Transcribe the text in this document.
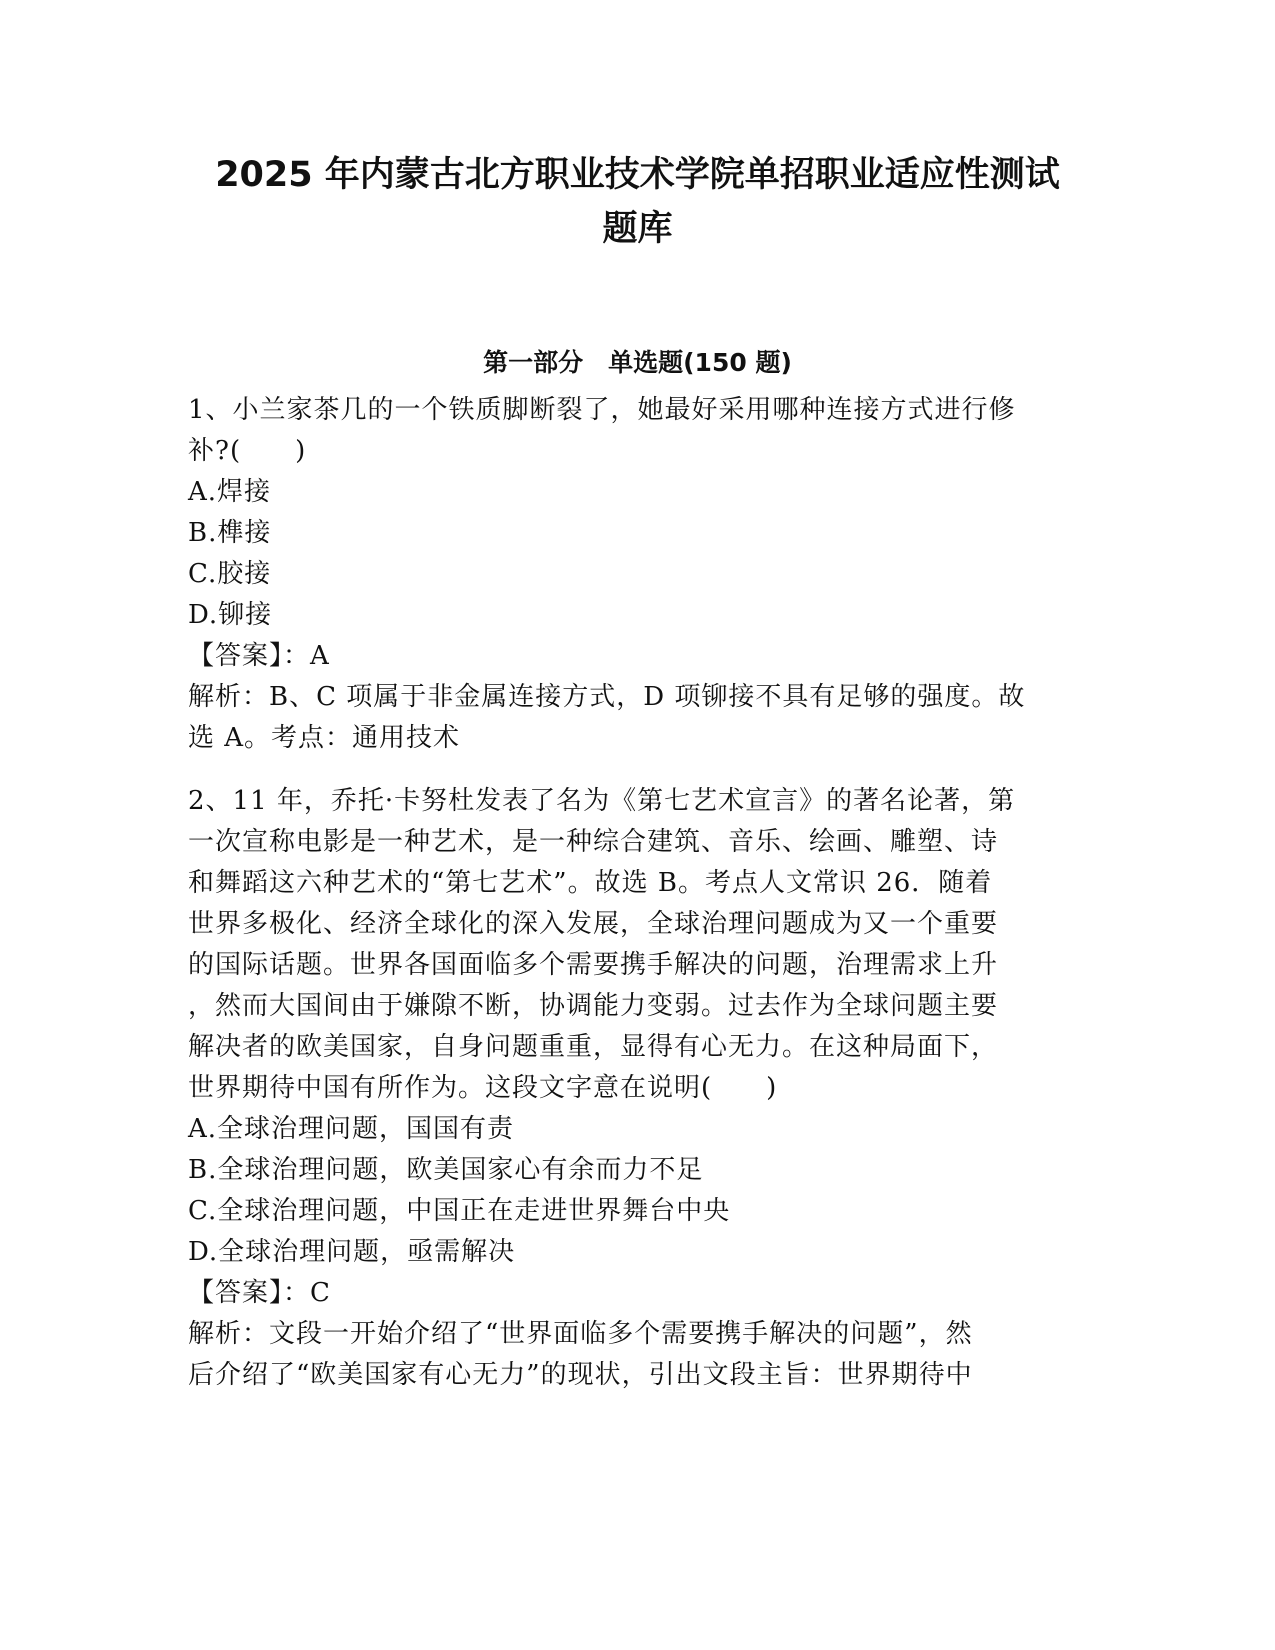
2025 年内蒙古北方职业技术学院单招职业适应性测试
题库
第一部分　单选题(150 题)
1、小兰家茶几的一个铁质脚断裂了，她最好采用哪种连接方式进行修
补?(　　)
A.焊接
B.榫接
C.胶接
D.铆接
【答案】：A
解析：B、C 项属于非金属连接方式，D 项铆接不具有足够的强度。故
选 A。考点：通用技术
2、11 年，乔托·卡努杜发表了名为《第七艺术宣言》的著名论著，第
一次宣称电影是一种艺术，是一种综合建筑、音乐、绘画、雕塑、诗
和舞蹈这六种艺术的“第七艺术”。故选 B。考点人文常识 26．随着
世界多极化、经济全球化的深入发展，全球治理问题成为又一个重要
的国际话题。世界各国面临多个需要携手解决的问题，治理需求上升
，然而大国间由于嫌隙不断，协调能力变弱。过去作为全球问题主要
解决者的欧美国家，自身问题重重，显得有心无力。在这种局面下，
世界期待中国有所作为。这段文字意在说明(　　)
A.全球治理问题，国国有责
B.全球治理问题，欧美国家心有余而力不足
C.全球治理问题，中国正在走进世界舞台中央
D.全球治理问题，亟需解决
【答案】：C
解析：文段一开始介绍了“世界面临多个需要携手解决的问题”，然
后介绍了“欧美国家有心无力”的现状，引出文段主旨：世界期待中
